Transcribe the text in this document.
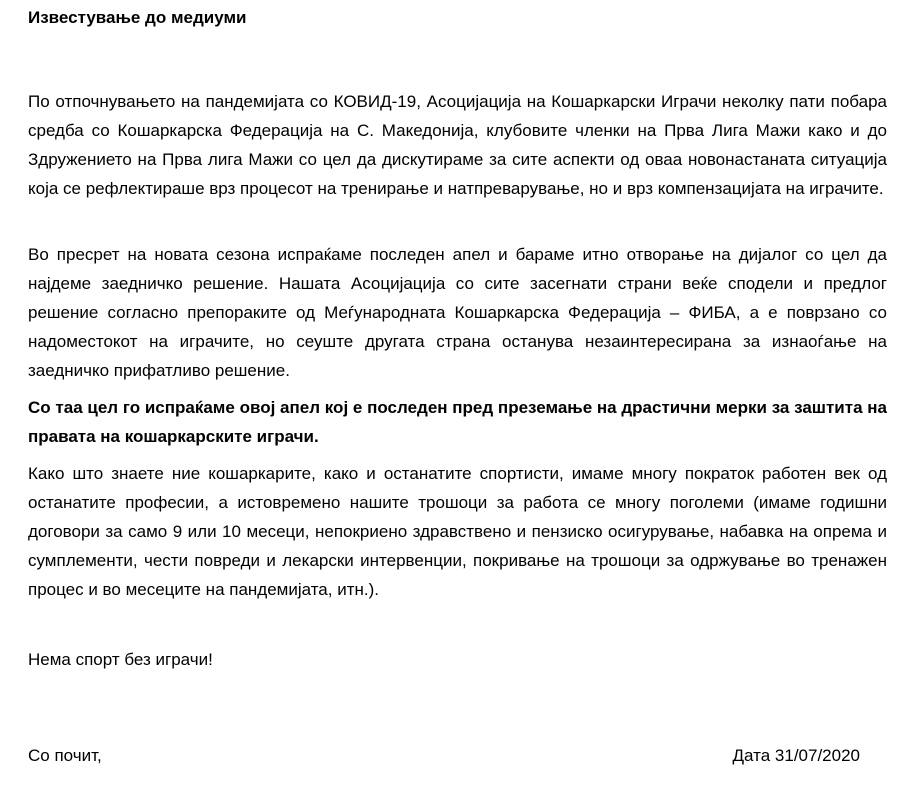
Известување до медиуми

По отпочнувањето на пандемијата со КОВИД-19, Асоцијација на Кошаркарски Играчи неколку пати побара средба со Кошаркарска Федерација на С. Македонија, клубовите членки на Прва Лига Мажи како и до Здружението на Прва лига Мажи со цел да дискутираме за сите аспекти од оваа новонастаната ситуација која се рефлектираше врз процесот на тренирање и натпреварување, но и врз компензацијата на играчите.

Во пресрет на новата сезона испраќаме последен апел и бараме итно отворање на дијалог со цел да најдеме заедничко решение. Нашата Асоцијација со сите засегнати страни веќе сподели и предлог решение согласно препораките од Меѓународната Кошаркарска Федерација – ФИБА, а е поврзано со надоместокот на играчите, но сеуште другата страна останува незаинтересирана за изнаоѓање на заедничко прифатливо решение.

Со таа цел го испраќаме овој апел кој е последен пред преземање на драстични мерки за заштита на правата на кошаркарските играчи.

Како што знаете ние кошаркарите, како и останатите спортисти, имаме многу пократок работен век од останатите професии, а истовремено нашите трошоци за работа се многу поголеми (имаме годишни договори за само 9 или 10 месеци, непокриено здравствено и пензиско осигурување, набавка на опрема и сумплементи, чести повреди и лекарски интервенции, покривање на трошоци за одржување во тренажен процес и во месеците на пандемијата, итн.).

Нема спорт без играчи!
Со почит,	Дата 31/07/2020
